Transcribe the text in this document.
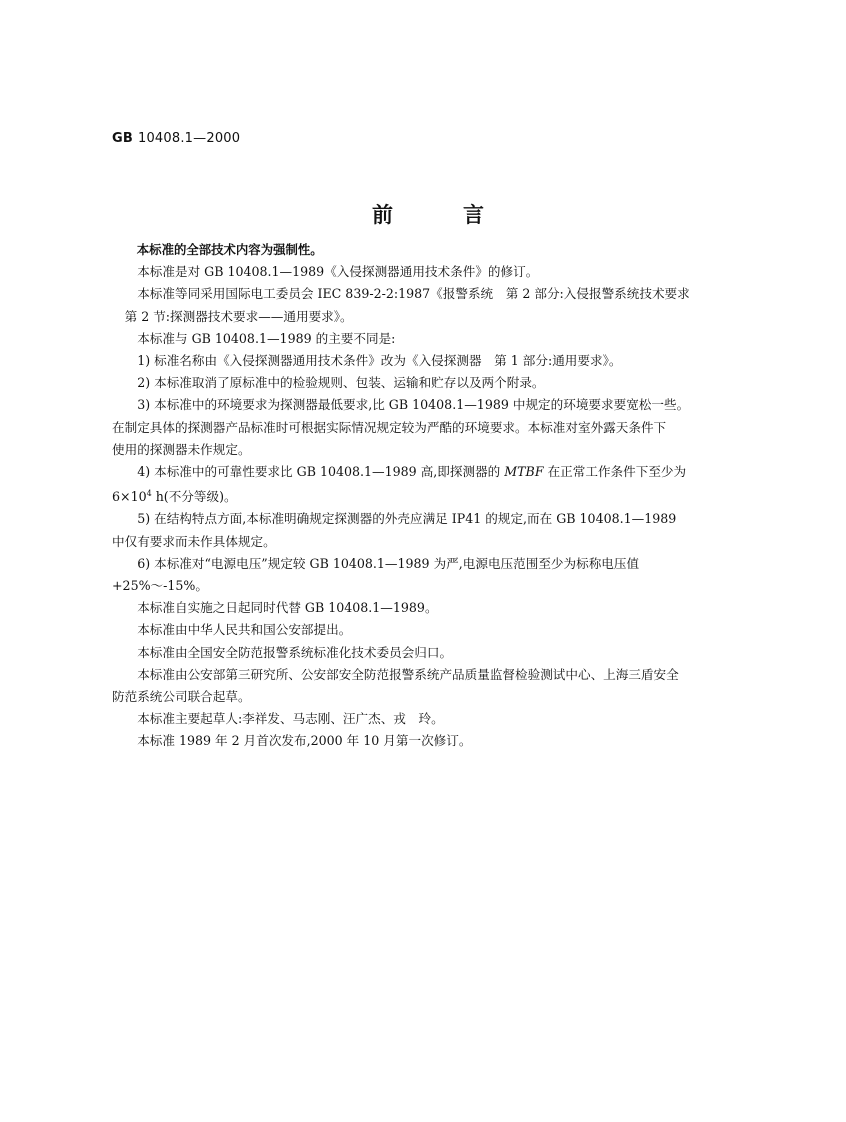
GB 10408.1—2000
前言

本标准的全部技术内容为强制性。

本标准是对 GB 10408.1—1989《入侵探测器通用技术条件》的修订。

本标准等同采用国际电工委员会 IEC 839-2-2:1987《报警系统　第 2 部分:入侵报警系统技术要求

第 2 节:探测器技术要求——通用要求》。

本标准与 GB 10408.1—1989 的主要不同是:

1) 标准名称由《入侵探测器通用技术条件》改为《入侵探测器　第 1 部分:通用要求》。

2) 本标准取消了原标准中的检验规则、包装、运输和贮存以及两个附录。

3) 本标准中的环境要求为探测器最低要求,比 GB 10408.1—1989 中规定的环境要求要宽松一些。

在制定具体的探测器产品标准时可根据实际情况规定较为严酷的环境要求。本标准对室外露天条件下

使用的探测器未作规定。

4) 本标准中的可靠性要求比 GB 10408.1—1989 高,即探测器的 MTBF 在正常工作条件下至少为

$6\times 10^4$ h(不分等级)。

5) 在结构特点方面,本标准明确规定探测器的外壳应满足 IP41 的规定,而在 GB 10408.1—1989

中仅有要求而未作具体规定。

6) 本标准对“电源电压”规定较 GB 10408.1—1989 为严,电源电压范围至少为标称电压值

+25%～-15%。

本标准自实施之日起同时代替 GB 10408.1—1989。

本标准由中华人民共和国公安部提出。

本标准由全国安全防范报警系统标准化技术委员会归口。

本标准由公安部第三研究所、公安部安全防范报警系统产品质量监督检验测试中心、上海三盾安全

防范系统公司联合起草。

本标准主要起草人:李祥发、马志刚、汪广杰、戎　玲。

本标准 1989 年 2 月首次发布,2000 年 10 月第一次修订。
